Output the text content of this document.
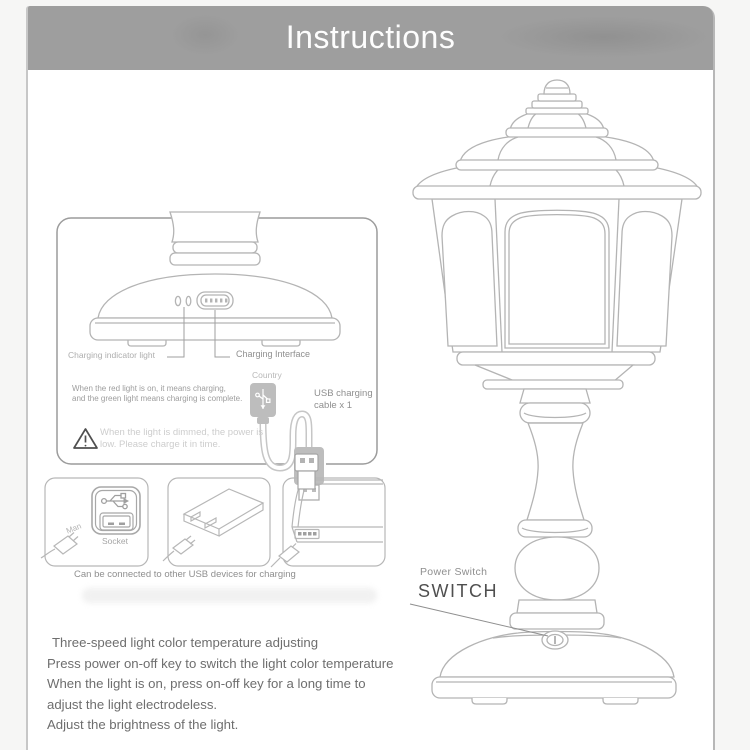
Instructions
Charging indicator light	Charging Interface
When the red light is on, it means charging,
and the green light means charging is complete.
Country
USB charging
cable x 1
When the light is dimmed, the power is
low. Please charge it in time.
Man
Socket
Can be connected to other USB devices for charging	Power Switch
SWITCH
Three-speed light color temperature adjusting
Press power on-off key to switch the light color temperature
When the light is on, press on-off key for a long time to
adjust the light electrodeless.
Adjust the brightness of the light.
